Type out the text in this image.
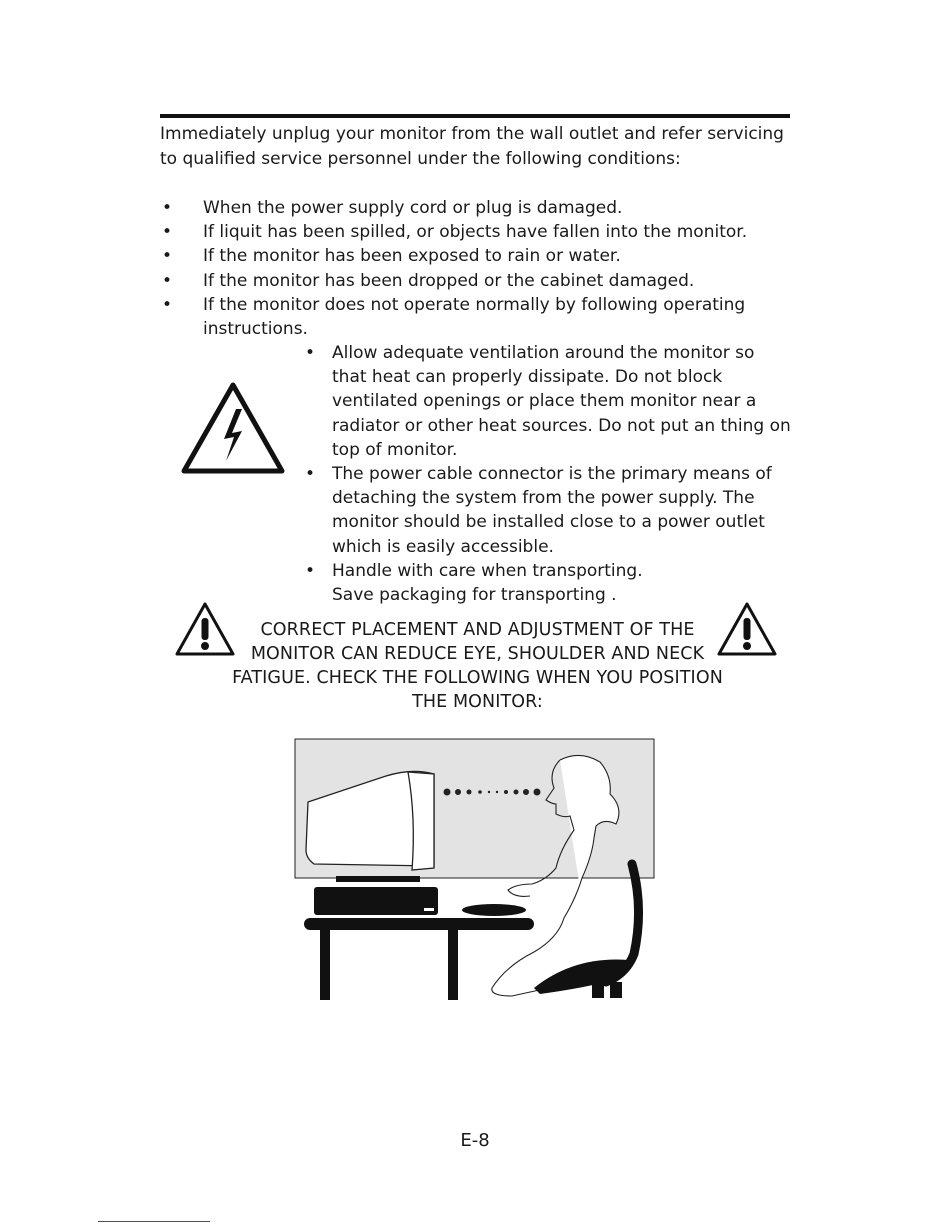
Immediately unplug your monitor from the wall outlet and refer servicing to qualified service personnel under the following conditions:
• When the power supply cord or plug is damaged.
• If liquit has been spilled, or objects have fallen into the monitor.
• If the monitor has been exposed to rain or water.
• If the monitor has been dropped or the cabinet damaged.
• If the monitor does not operate normally by following operating instructions.
• Allow adequate ventilation around the monitor so that heat can properly dissipate. Do not block ventilated openings or place them monitor near a radiator or other heat sources. Do not put an thing on top of monitor.
• The power cable connector is the primary means of detaching the system from the power supply. The monitor should be installed close to a power outlet which is easily accessible.
• Handle with care when transporting.
Save packaging for transporting .
CORRECT PLACEMENT AND ADJUSTMENT OF THE MONITOR CAN REDUCE EYE, SHOULDER AND NECK FATIGUE. CHECK THE FOLLOWING WHEN YOU POSITION THE MONITOR:
E-8
